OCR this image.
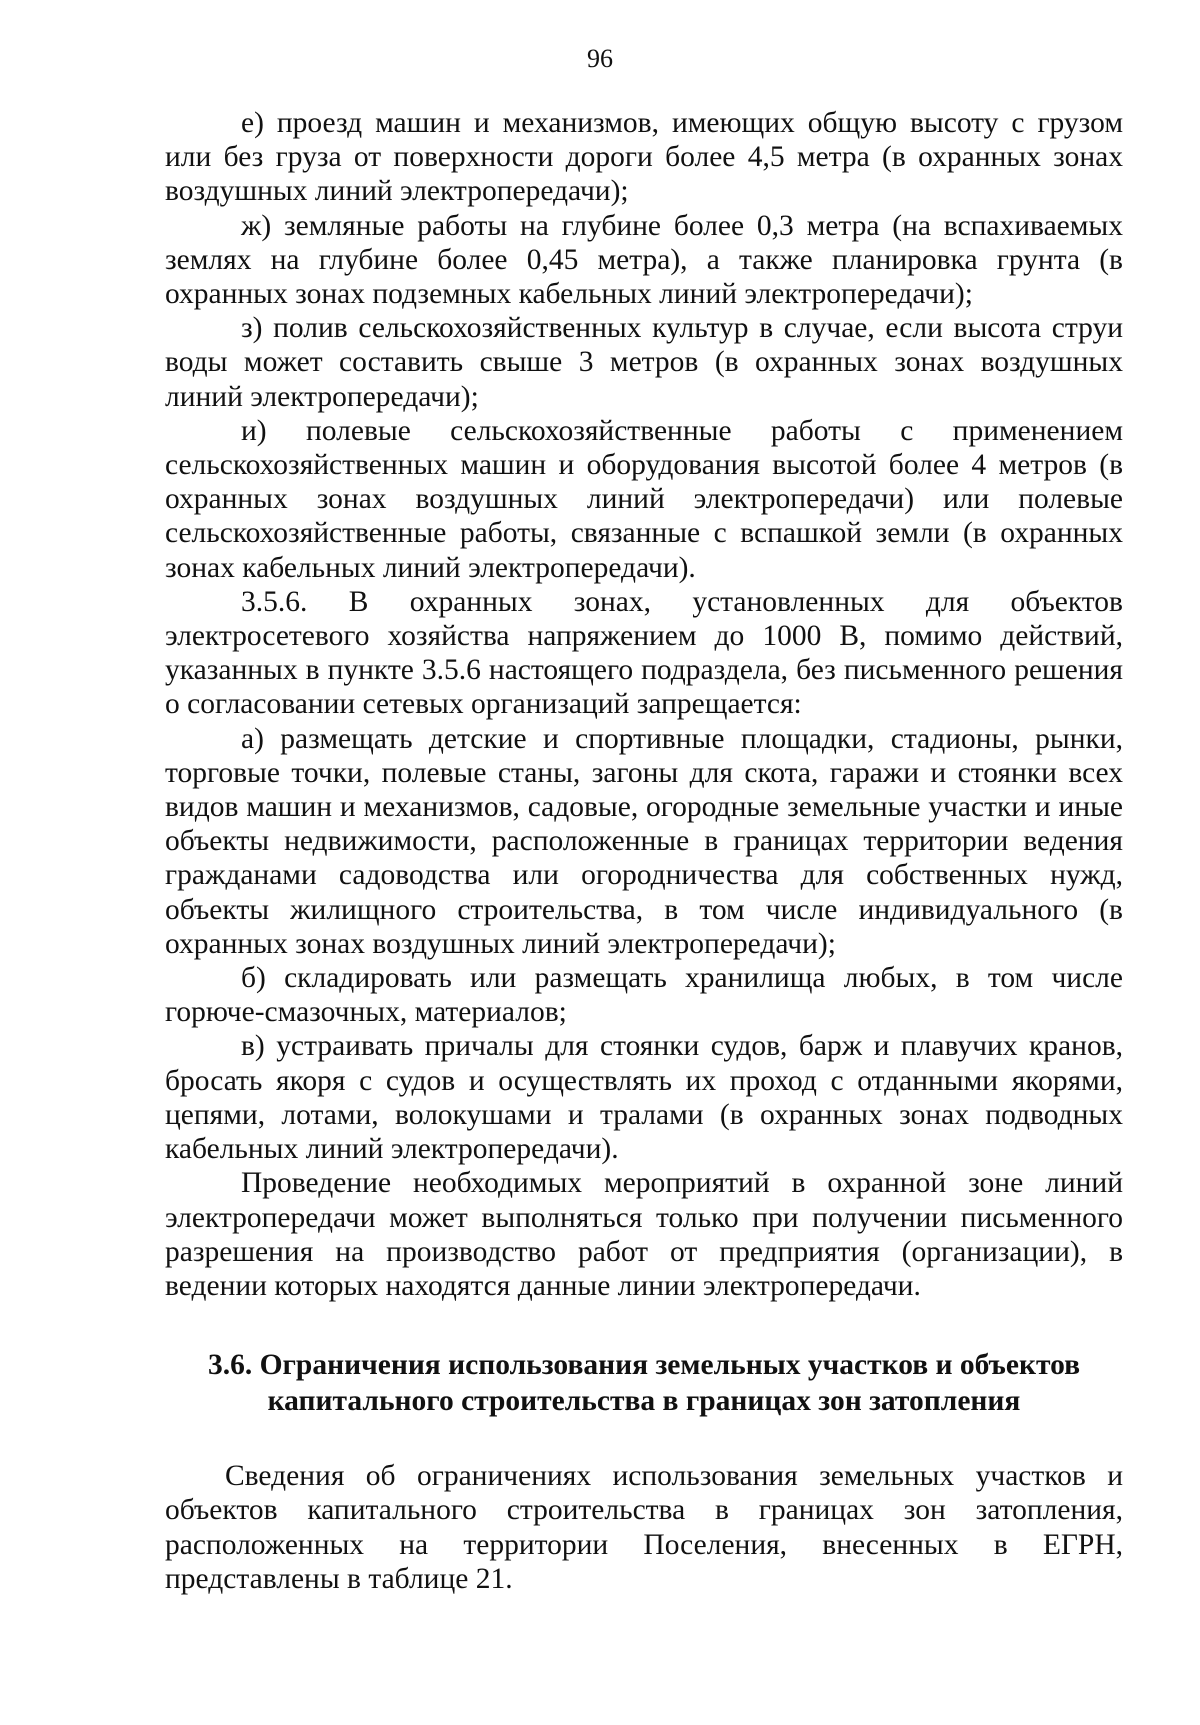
96

е) проезд машин и механизмов, имеющих общую высоту с грузом или без груза от поверхности дороги более 4,5 метра (в охранных зонах воздушных линий электропередачи);

ж) земляные работы на глубине более 0,3 метра (на вспахиваемых землях на глубине более 0,45 метра), а также планировка грунта (в охранных зонах подземных кабельных линий электропередачи);

з) полив сельскохозяйственных культур в случае, если высота струи воды может составить свыше 3 метров (в охранных зонах воздушных линий электропередачи);

и) полевые сельскохозяйственные работы с применением сельскохозяйственных машин и оборудования высотой более 4 метров (в охранных зонах воздушных линий электропередачи) или полевые сельскохозяйственные работы, связанные с вспашкой земли (в охранных зонах кабельных линий электропередачи).

3.5.6. В охранных зонах, установленных для объектов электросетевого хозяйства напряжением до 1000 В, помимо действий, указанных в пункте 3.5.6 настоящего подраздела, без письменного решения о согласовании сетевых организаций запрещается:

а) размещать детские и спортивные площадки, стадионы, рынки, торговые точки, полевые станы, загоны для скота, гаражи и стоянки всех видов машин и механизмов, садовые, огородные земельные участки и иные объекты недвижимости, расположенные в границах территории ведения гражданами садоводства или огородничества для собственных нужд, объекты жилищного строительства, в том числе индивидуального (в охранных зонах воздушных линий электропередачи);

б) складировать или размещать хранилища любых, в том числе горюче-смазочных, материалов;

в) устраивать причалы для стоянки судов, барж и плавучих кранов, бросать якоря с судов и осуществлять их проход с отданными якорями, цепями, лотами, волокушами и тралами (в охранных зонах подводных кабельных линий электропередачи).

Проведение необходимых мероприятий в охранной зоне линий электропередачи может выполняться только при получении письменного разрешения на производство работ от предприятия (организации), в ведении которых находятся данные линии электропередачи.

3.6. Ограничения использования земельных участков и объектов
капитального строительства в границах зон затопления

Сведения об ограничениях использования земельных участков и объектов капитального строительства в границах зон затопления, расположенных на территории Поселения, внесенных в ЕГРН, представлены в таблице 21.
